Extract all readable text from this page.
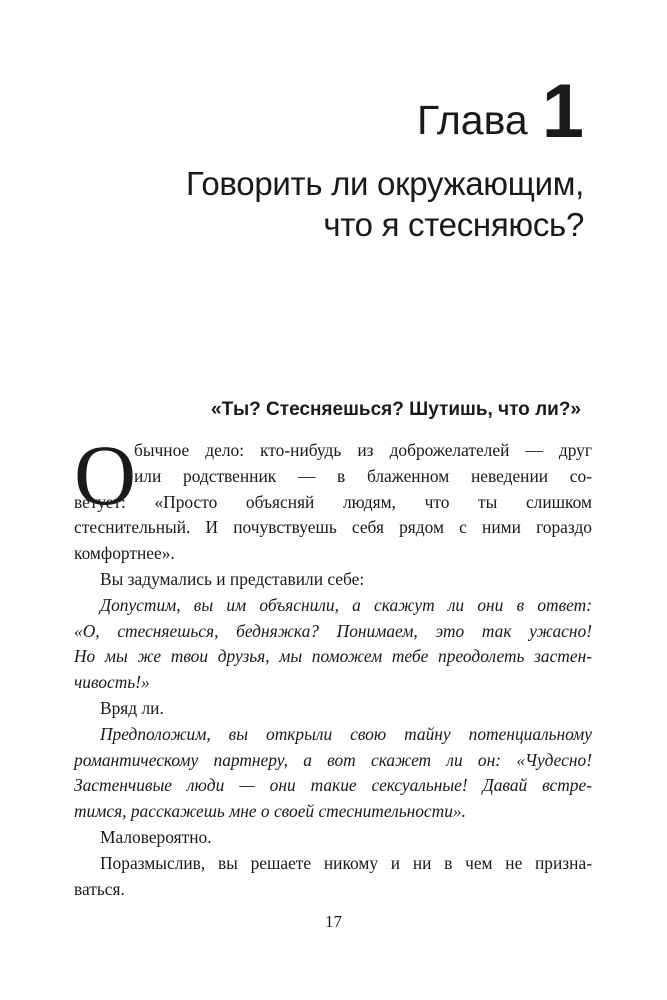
Глава 1
Говорить ли окружающим,
что я стесняюсь?
«Ты? Стесняешься? Шутишь, что ли?»
О
бычное дело: кто-нибудь из доброжелателей — друг
или родственник — в блаженном неведении со-
ветует: «Просто объясняй людям, что ты слишком
стеснительный. И почувствуешь себя рядом с ними гораздо
комфортнее».
Вы задумались и представили себе:
Допустим, вы им объяснили, а скажут ли они в ответ:
«О, стесняешься, бедняжка? Понимаем, это так ужасно!
Но мы же твои друзья, мы поможем тебе преодолеть застен-
чивость!»
Вряд ли.
Предположим, вы открыли свою тайну потенциальному
романтическому партнеру, а вот скажет ли он: «Чудесно!
Застенчивые люди — они такие сексуальные! Давай встре-
тимся, расскажешь мне о своей стеснительности».
Маловероятно.
Поразмыслив, вы решаете никому и ни в чем не призна-
ваться.
17
